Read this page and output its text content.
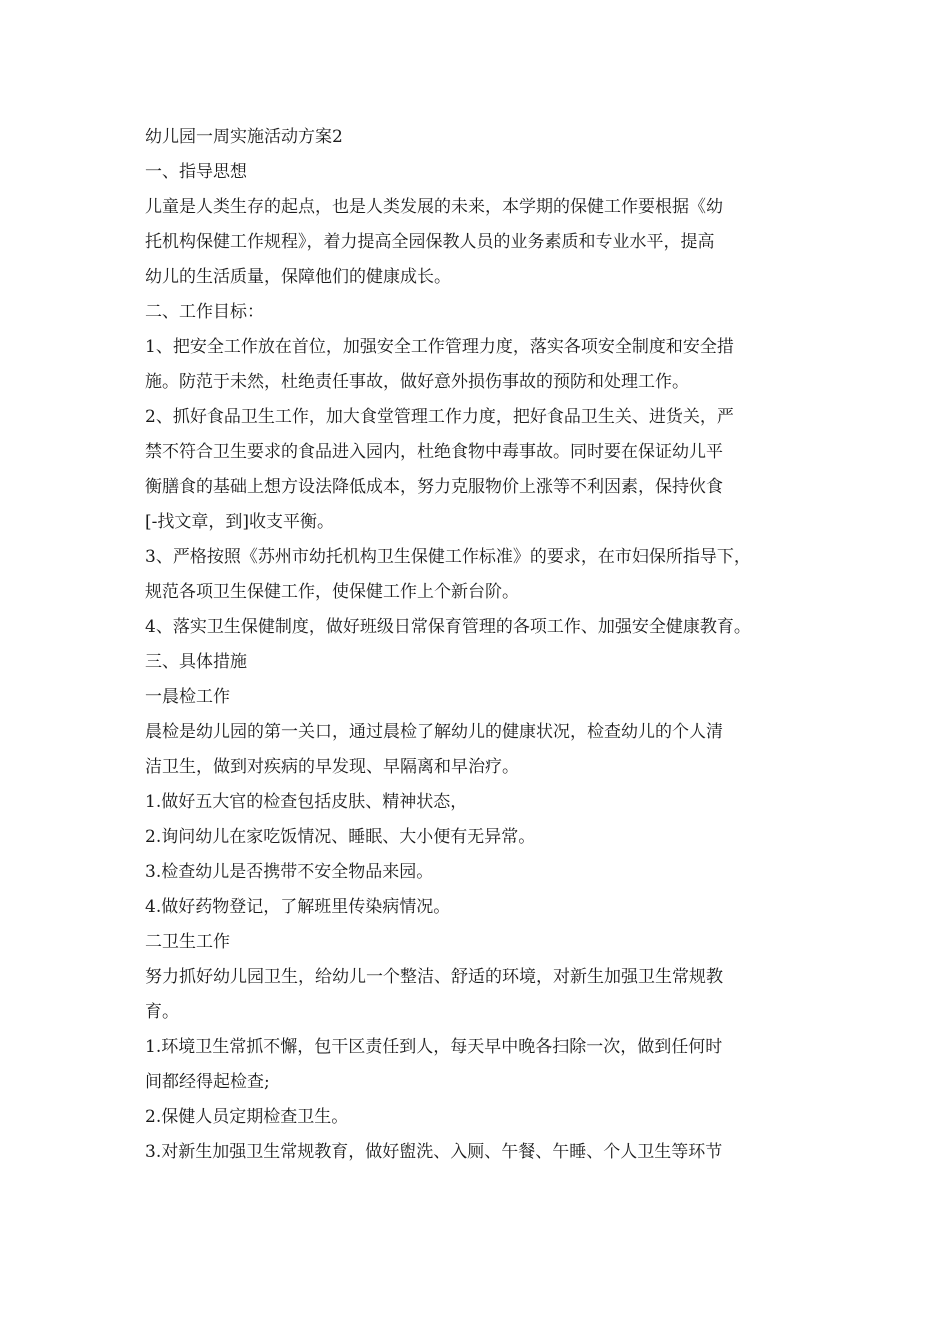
幼儿园一周实施活动方案2
一、指导思想
儿童是人类生存的起点，也是人类发展的未来，本学期的保健工作要根据《幼
托机构保健工作规程》，着力提高全园保教人员的业务素质和专业水平，提高
幼儿的生活质量，保障他们的健康成长。
二、工作目标：
1、把安全工作放在首位，加强安全工作管理力度，落实各项安全制度和安全措
施。防范于未然，杜绝责任事故，做好意外损伤事故的预防和处理工作。
2、抓好食品卫生工作，加大食堂管理工作力度，把好食品卫生关、进货关，严
禁不符合卫生要求的食品进入园内，杜绝食物中毒事故。同时要在保证幼儿平
衡膳食的基础上想方设法降低成本，努力克服物价上涨等不利因素，保持伙食
[-找文章，到]收支平衡。
3、严格按照《苏州市幼托机构卫生保健工作标准》的要求，在市妇保所指导下，
规范各项卫生保健工作，使保健工作上个新台阶。
4、落实卫生保健制度，做好班级日常保育管理的各项工作、加强安全健康教育。
三、具体措施
一晨检工作
晨检是幼儿园的第一关口，通过晨检了解幼儿的健康状况，检查幼儿的个人清
洁卫生，做到对疾病的早发现、早隔离和早治疗。
1.做好五大官的检查包括皮肤、精神状态，
2.询问幼儿在家吃饭情况、睡眠、大小便有无异常。
3.检查幼儿是否携带不安全物品来园。
4.做好药物登记，了解班里传染病情况。
二卫生工作
努力抓好幼儿园卫生，给幼儿一个整洁、舒适的环境，对新生加强卫生常规教
育。
1.环境卫生常抓不懈，包干区责任到人，每天早中晚各扫除一次，做到任何时
间都经得起检查;
2.保健人员定期检查卫生。
3.对新生加强卫生常规教育，做好盥洗、入厕、午餐、午睡、个人卫生等环节
